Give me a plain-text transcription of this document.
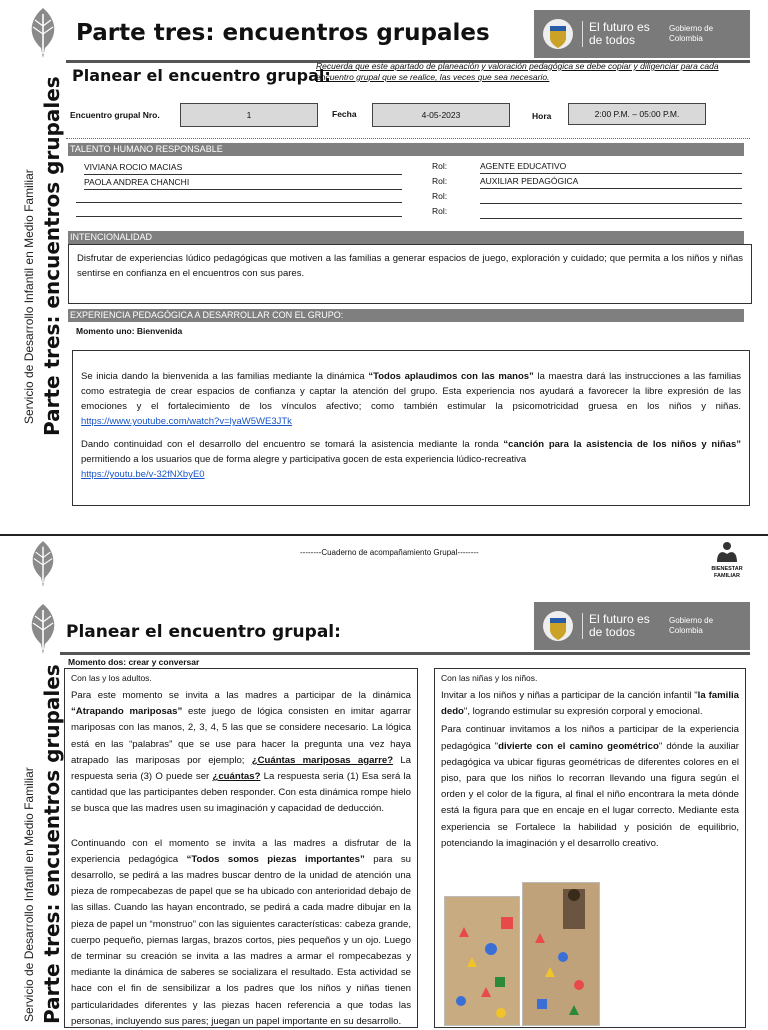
Parte tres: encuentros grupales	El futuro es de todos
Gobierno de Colombia
Planear el encuentro grupal:
Recuerda que este apartado de planeación y valoración pedagógica se debe copiar y diligenciar para cada encuentro grupal que se realice, las veces que sea necesario.
Servicio de Desarrollo Infantil en Medio Familiar Parte tres: encuentros grupales Encuentro grupal Nro.	1	Fecha	4-05-2023	Hora	2:00 P.M. – 05:00 P.M.
TALENTO HUMANO RESPONSABLE
VIVIANA ROCIO MACIAS	Rol:	AGENTE EDUCATIVO
PAOLA ANDREA CHANCHI	Rol:	AUXILIAR PEDAGÓGICA
Rol:
Rol:
INTENCIONALIDAD
Disfrutar de experiencias lúdico pedagógicas que motiven a las familias a generar espacios de juego, exploración y cuidado; que permita a los niños y niñas sentirse en confianza en el encuentros con sus pares.
EXPERIENCIA PEDAGÓGICA A DESARROLLAR CON EL GRUPO:
Momento uno: Bienvenida

Se inicia dando la bienvenida a las familias mediante la dinámica “Todos aplaudimos con las manos” la maestra dará las instrucciones a las familias como estrategia de crear espacios de confianza y captar la atención del grupo. Esta experiencia nos ayudará a favorecer la libre expresión de las emociones y el fortalecimiento de los vínculos afectivo; como también estimular la psicomotricidad gruesa en los niños y niñas. https://www.youtube.com/watch?v=lyaW5WE3JTk

Dando continuidad con el desarrollo del encuentro se tomará la asistencia mediante la ronda “canción para la asistencia de los niños y niñas” permitiendo a los usuarios que de forma alegre y participativa gocen de esta experiencia lúdico-recreativa
https://youtu.be/v-32fNXbyE0

--------Cuaderno de acompañamiento Grupal--------
BIENESTAR FAMILIAR
Planear el encuentro grupal:
El futuro es de todos
Gobierno de Colombia
Servicio de Desarrollo Infantil en Medio Familiar Parte tres: encuentros grupales
Momento dos: crear y conversar
Con las y los adultos.

Para este momento se invita a las madres a participar de la dinámica “Atrapando mariposas” este juego de lógica consisten en imitar agarrar mariposas con las manos, 2, 3, 4, 5 las que se considere necesario. La lógica está en las “palabras” que se use para hacer la pregunta una vez haya atrapado las mariposas por ejemplo; ¿Cuántas mariposas agarre? La respuesta seria (3) O puede ser ¿cuántas? La respuesta seria (1) Esa será la cantidad que las participantes deben responder. Con esta dinámica rompe hielo se busca que las madres usen su imaginación y capacidad de deducción.

Continuando con el momento se invita a las madres a disfrutar de la experiencia pedagógica “Todos somos piezas importantes” para su desarrollo, se pedirá a las madres buscar dentro de la unidad de atención una pieza de rompecabezas de papel que se ha ubicado con anterioridad debajo de las sillas. Cuando las hayan encontrado, se pedirá a cada madre dibujar en la pieza de papel un “monstruo” con las siguientes características: cabeza grande, cuerpo pequeño, piernas largas, brazos cortos, pies pequeños y un ojo. Luego de terminar su creación se invita a las madres a armar el rompecabezas y mediante la dinámica de saberes se socializara el resultado. Esta actividad se hace con el fin de sensibilizar a los padres que los niños y niñas tienen particularidades diferentes y las piezas hacen referencia a que todas las personas, incluyendo sus pares; juegan un papel importante en su desarrollo.

Con las niñas y los niños.

Invitar a los niños y niñas a participar de la canción infantil "la familia dedo", logrando estimular su expresión corporal y emocional.

Para continuar invitamos a los niños a participar de la experiencia pedagógica "divierte con el camino geométrico" dónde la auxiliar pedagógica va ubicar figuras geométricas de diferentes colores en el piso, para que los niños lo recorran llevando una figura según el orden y el color de la figura, al final el niño encontrara la meta dónde está la figura para que en encaje en el lugar correcto. Mediante esta experiencia se Fortalece la habilidad y posición de equilibrio, potenciando la imaginación y el desarrollo creativo.
